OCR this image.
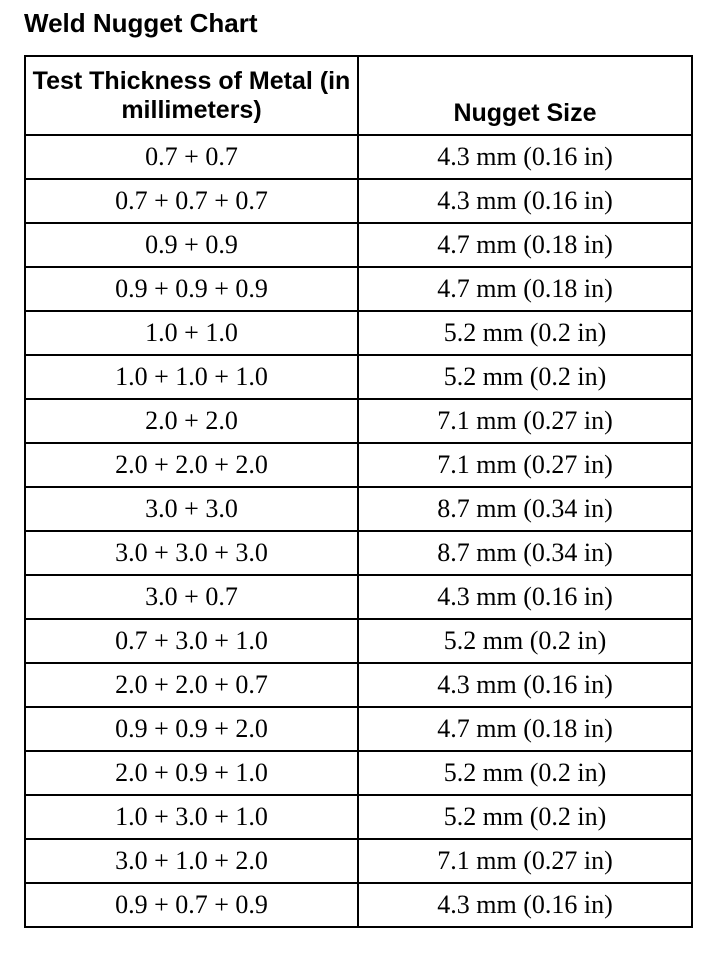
Weld Nugget Chart
Test Thickness of Metal (in millimeters)	Nugget Size
0.7 + 0.7	4.3 mm (0.16 in)
0.7 + 0.7 + 0.7	4.3 mm (0.16 in)
0.9 + 0.9	4.7 mm (0.18 in)
0.9 + 0.9 + 0.9	4.7 mm (0.18 in)
1.0 + 1.0	5.2 mm (0.2 in)
1.0 + 1.0 + 1.0	5.2 mm (0.2 in)
2.0 + 2.0	7.1 mm (0.27 in)
2.0 + 2.0 + 2.0	7.1 mm (0.27 in)
3.0 + 3.0	8.7 mm (0.34 in)
3.0 + 3.0 + 3.0	8.7 mm (0.34 in)
3.0 + 0.7	4.3 mm (0.16 in)
0.7 + 3.0 + 1.0	5.2 mm (0.2 in)
2.0 + 2.0 + 0.7	4.3 mm (0.16 in)
0.9 + 0.9 + 2.0	4.7 mm (0.18 in)
2.0 + 0.9 + 1.0	5.2 mm (0.2 in)
1.0 + 3.0 + 1.0	5.2 mm (0.2 in)
3.0 + 1.0 + 2.0	7.1 mm (0.27 in)
0.9 + 0.7 + 0.9	4.3 mm (0.16 in)
